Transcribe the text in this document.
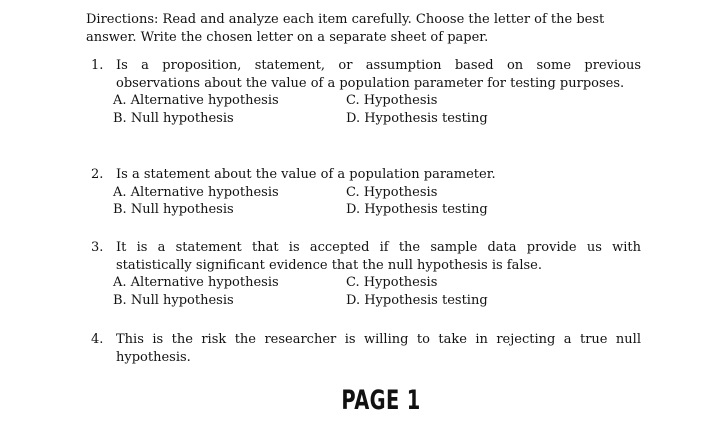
Directions: Read and analyze each item carefully. Choose the letter of the best answer. Write the chosen letter on a separate sheet of paper.
1. Is a proposition, statement, or assumption based on some previous observations about the value of a population parameter for testing purposes.
A. Alternative hypothesis	C. Hypothesis
B. Null hypothesis	D. Hypothesis testing
2. Is a statement about the value of a population parameter.
A. Alternative hypothesis	C. Hypothesis
B. Null hypothesis	D. Hypothesis testing
3. It is a statement that is accepted if the sample data provide us with statistically significant evidence that the null hypothesis is false.
A. Alternative hypothesis	C. Hypothesis
B. Null hypothesis	D. Hypothesis testing
4. This is the risk the researcher is willing to take in rejecting a true null hypothesis.
PAGE 1
